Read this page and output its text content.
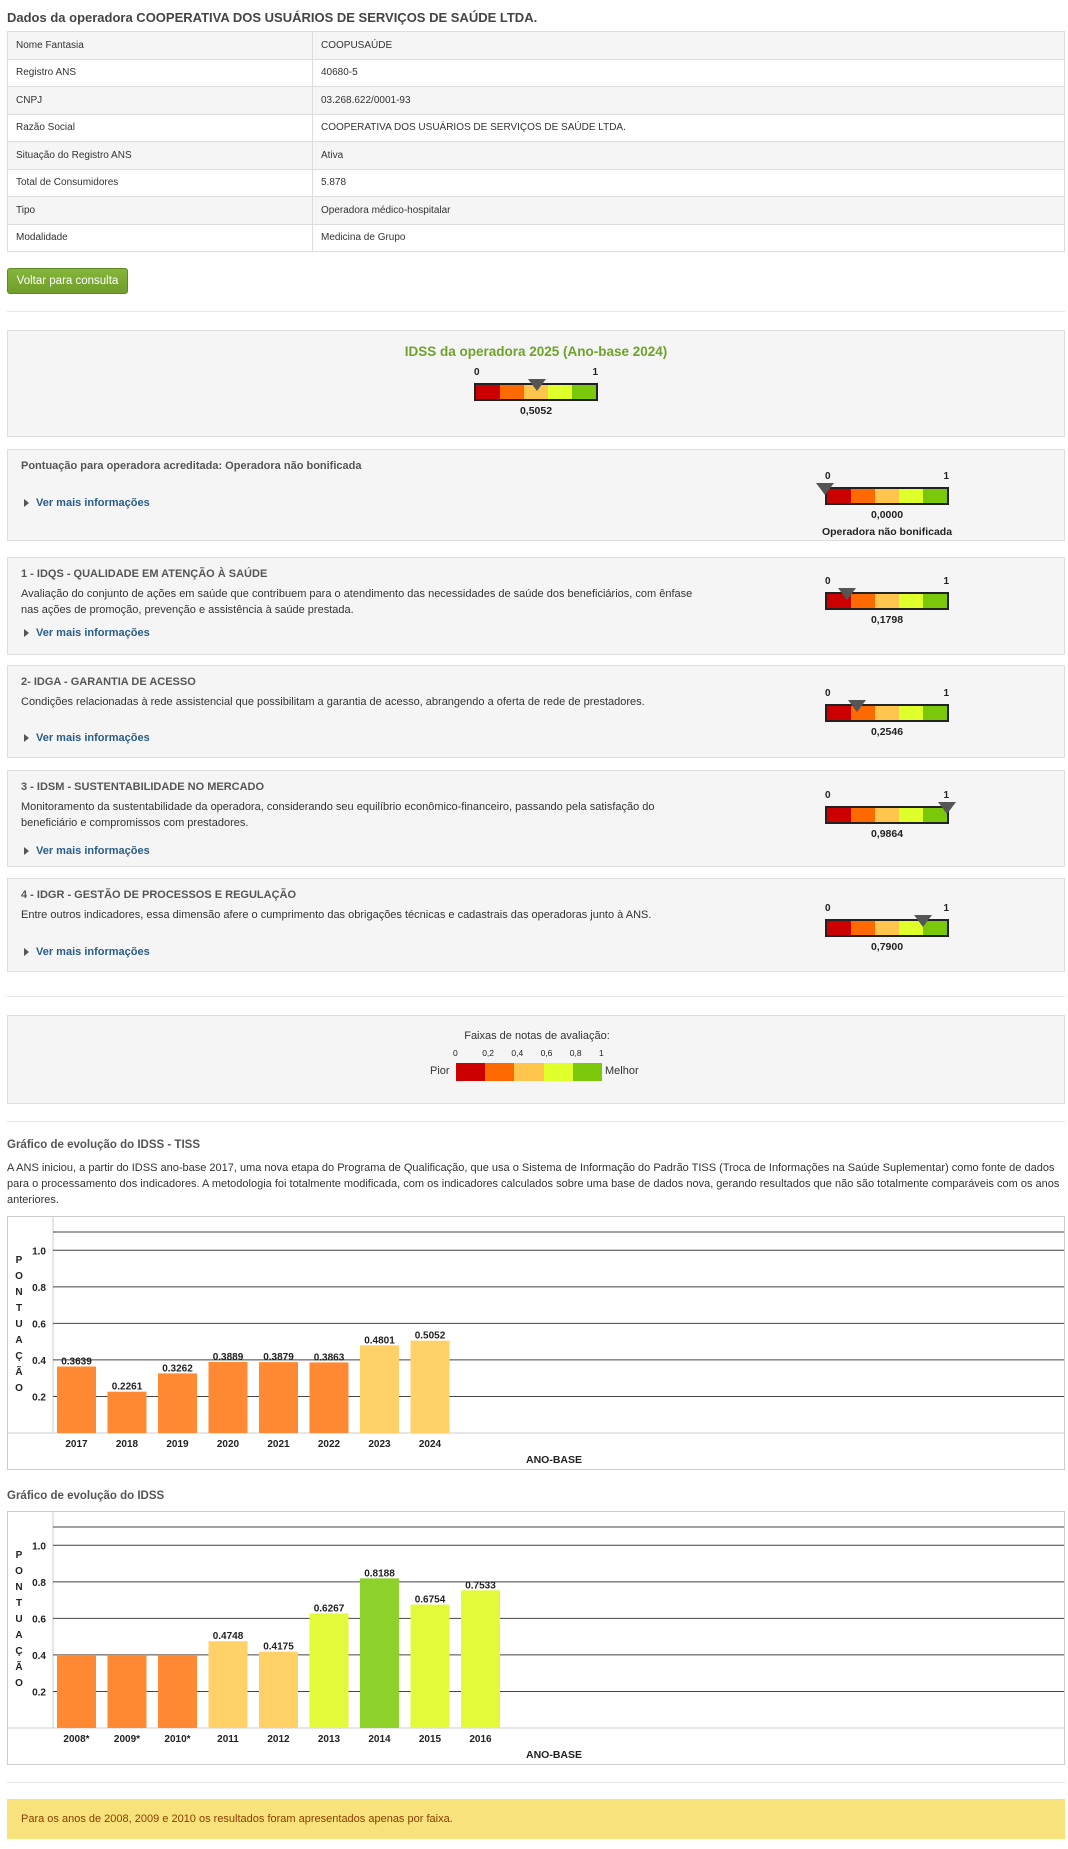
Dados da operadora COOPERATIVA DOS USUÁRIOS DE SERVIÇOS DE SAÚDE LTDA.
Nome Fantasia	COOPUSAÚDE
Registro ANS	40680-5
CNPJ	03.268.622/0001-93
Razão Social	COOPERATIVA DOS USUÁRIOS DE SERVIÇOS DE SAÚDE LTDA.
Situação do Registro ANS	Ativa
Total de Consumidores	5.878
Tipo	Operadora médico-hospitalar
Modalidade	Medicina de Grupo
Voltar para consulta
IDSS da operadora 2025 (Ano-base 2024)
0	1
0,5052
Pontuação para operadora acreditada: Operadora não bonificada
Ver mais informações
0	1
0,0000
Operadora não bonificada
1 - IDQS - QUALIDADE EM ATENÇÃO À SAÚDE
Avaliação do conjunto de ações em saúde que contribuem para o atendimento das necessidades de saúde dos beneficiários, com ênfase nas ações de promoção, prevenção e assistência à saúde prestada.
Ver mais informações
0	1
0,1798
2- IDGA - GARANTIA DE ACESSO
Condições relacionadas à rede assistencial que possibilitam a garantia de acesso, abrangendo a oferta de rede de prestadores.
Ver mais informações
0	1
0,2546
3 - IDSM - SUSTENTABILIDADE NO MERCADO
Monitoramento da sustentabilidade da operadora, considerando seu equilíbrio econômico-financeiro, passando pela satisfação do beneficiário e compromissos com prestadores.
Ver mais informações
0	1
0,9864
4 - IDGR - GESTÃO DE PROCESSOS E REGULAÇÃO
Entre outros indicadores, essa dimensão afere o cumprimento das obrigações técnicas e cadastrais das operadoras junto à ANS.
Ver mais informações
0	1
0,7900
Faixas de notas de avaliação:
0	0,2 0,4 0,6 0,8 1
Pior	Melhor
Gráfico de evolução do IDSS - TISS
A ANS iniciou, a partir do IDSS ano-base 2017, uma nova etapa do Programa de Qualificação, que usa o Sistema de Informação do Padrão TISS (Troca de Informações na Saúde Suplementar) como fonte de dados para o processamento dos indicadores. A metodologia foi totalmente modificada, com os indicadores calculados sobre uma base de dados nova, gerando resultados que não são totalmente comparáveis com os anos anteriores.
0.2
0.4
0.6
0.8
1.0
0.3639
2017
0.2261
2018
0.3262
2019
0.3889
2020
0.3879
2021
0.3863
2022
0.4801
2023
0.5052
2024
ANO-BASE
P
O
N
T
U
A
Ç
Ã
O
Gráfico de evolução do IDSS
0.2
0.4
0.6
0.8
1.0
2008* 2009* 2010*
0.4748
2011
0.4175
2012
0.6267
2013
0.8188
2014
0.6754
2015
0.7533
2016
ANO-BASE
P
O
N
T
U
A
Ç
Ã
O
Para os anos de 2008, 2009 e 2010 os resultados foram apresentados apenas por faixa.
